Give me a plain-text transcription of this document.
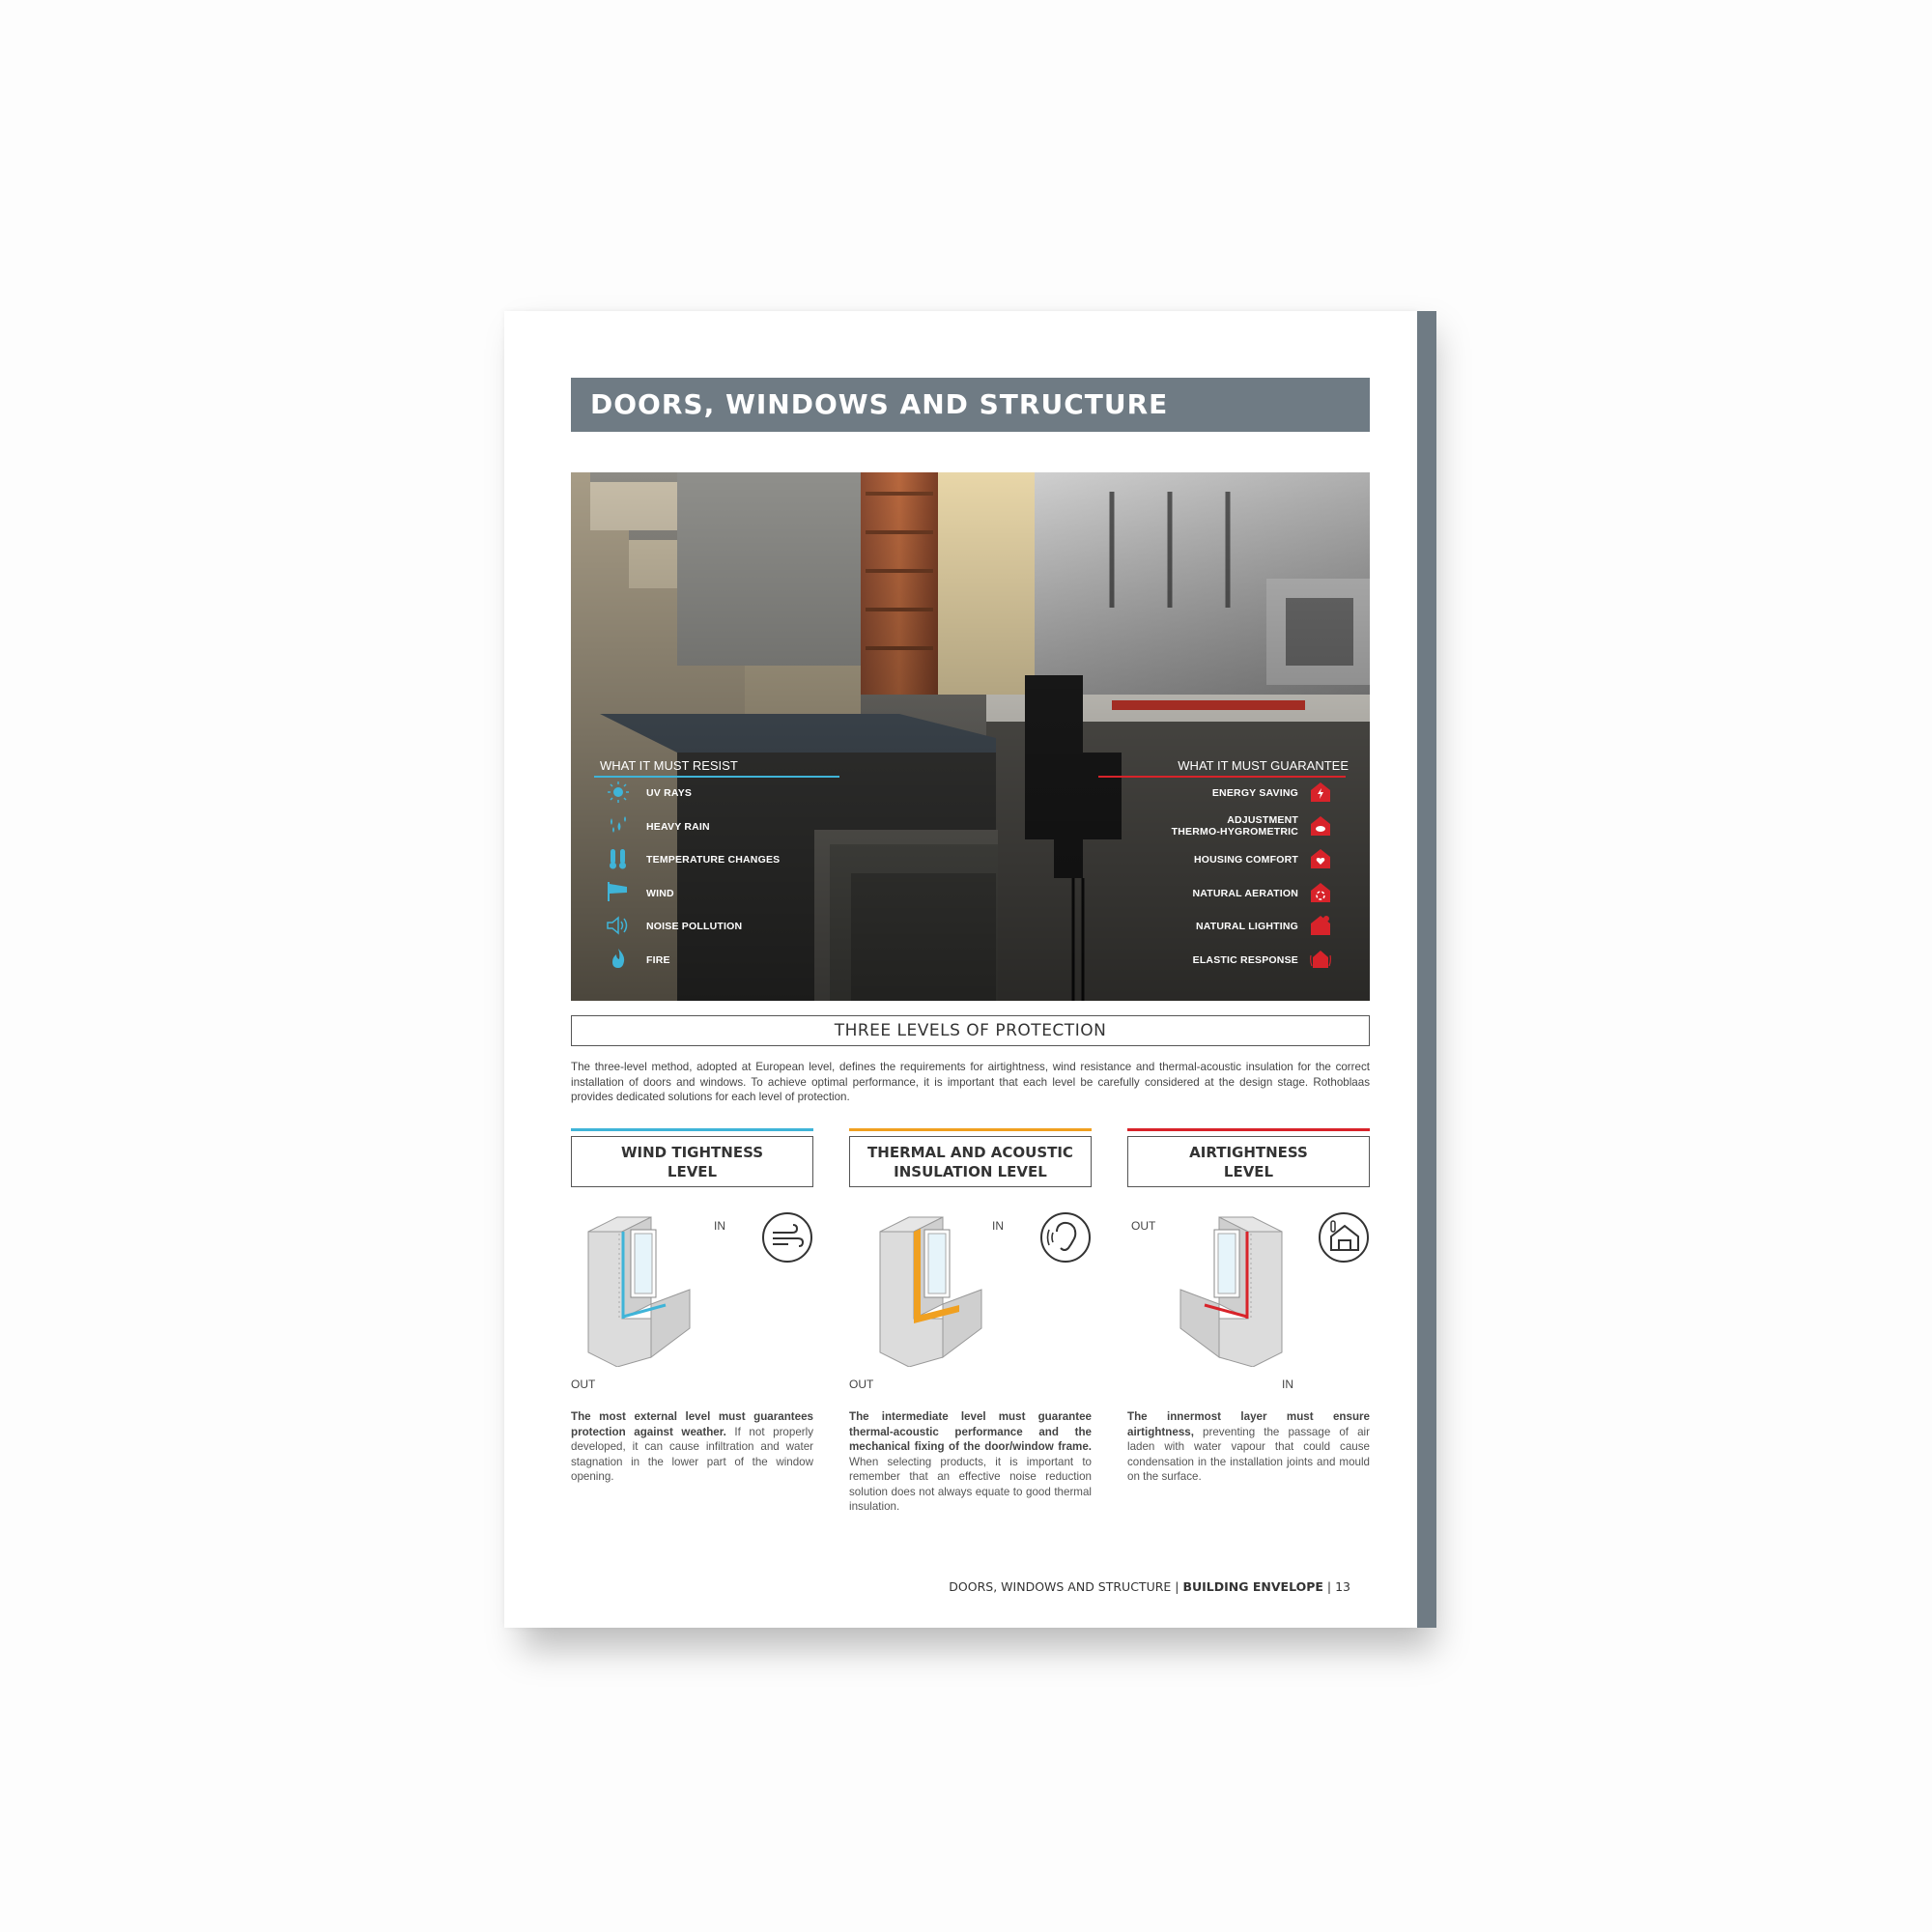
DOORS, WINDOWS AND STRUCTURE
WHAT IT MUST RESIST	WHAT IT MUST GUARANTEE
UV RAYS
HEAVY RAIN
TEMPERATURE CHANGES
WIND
NOISE POLLUTION
FIRE
ENERGY SAVING
ADJUSTMENT
THERMO-HYGROMETRIC
HOUSING COMFORT
NATURAL AERATION
NATURAL LIGHTING
ELASTIC RESPONSE
THREE LEVELS OF PROTECTION
The three-level method, adopted at European level, defines the requirements for airtightness, wind resistance and thermal-acoustic insulation for the correct installation of doors and windows. To achieve optimal performance, it is important that each level be carefully considered at the design stage. Rothoblaas provides dedicated solutions for each level of protection.
WIND TIGHTNESS
LEVEL
IN
OUT
The most external level must guarantees protection against weather. If not properly developed, it can cause infiltration and water stagnation in the lower part of the window opening.
THERMAL AND ACOUSTIC
INSULATION LEVEL
IN
OUT
The intermediate level must guarantee thermal-acoustic performance and the mechanical fixing of the door/window frame. When selecting products, it is important to remember that an effective noise reduction solution does not always equate to good thermal insulation.
AIRTIGHTNESS
LEVEL
OUT
IN
The innermost layer must ensure airtightness, preventing the passage of air laden with water vapour that could cause condensation in the installation joints and mould on the surface.
DOORS, WINDOWS AND STRUCTURE | BUILDING ENVELOPE | 13
